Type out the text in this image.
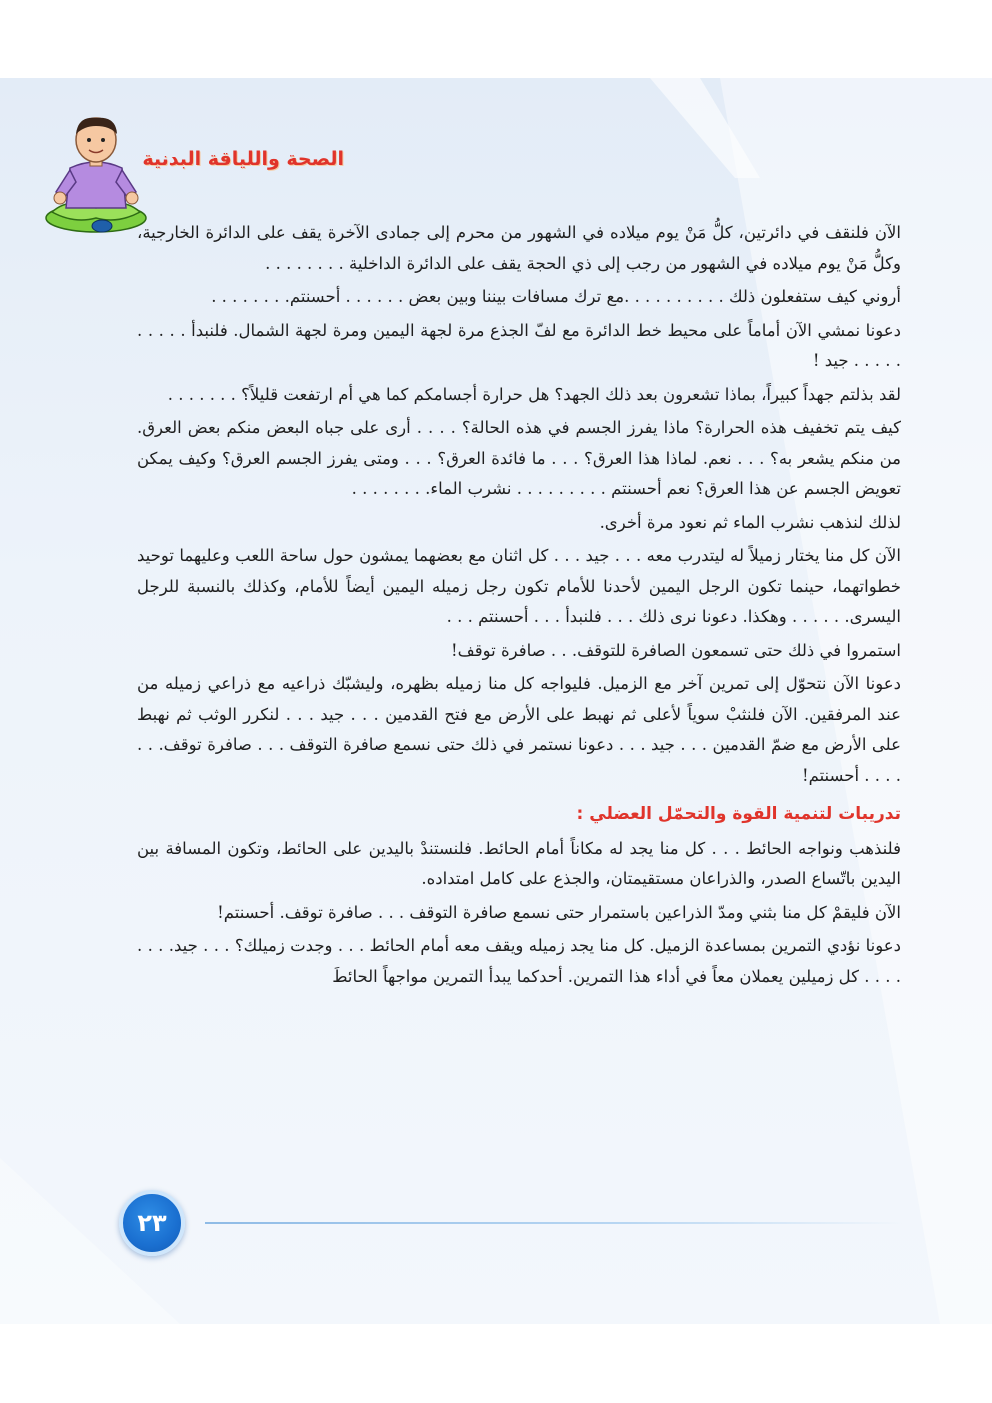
الصحة واللياقة البدنية

الآن فلنقف في دائرتين، كلُّ مَنْ يوم ميلاده في الشهور من محرم إلى جمادى الآخرة يقف على الدائرة الخارجية، وكلُّ مَنْ يوم ميلاده في الشهور من رجب إلى ذي الحجة يقف على الدائرة الداخلية . . . . . . . .

أروني كيف ستفعلون ذلك . . . . . . . . . .مع ترك مسافات بيننا وبين بعض . . . . . . أحسنتم. . . . . . . .

دعونا نمشي الآن أماماً على محيط خط الدائرة مع لفّ الجذع مرة لجهة اليمين ومرة لجهة الشمال. فلنبدأ . . . . . . . . . . جيد !

لقد بذلتم جهداً كبيراً، بماذا تشعرون بعد ذلك الجهد؟ هل حرارة أجسامكم كما هي أم ارتفعت قليلاً؟ . . . . . . .

كيف يتم تخفيف هذه الحرارة؟ ماذا يفرز الجسم في هذه الحالة؟ . . . . أرى على جباه البعض منكم بعض العرق. من منكم يشعر به؟ . . . نعم. لماذا هذا العرق؟ . . . ما فائدة العرق؟ . . . ومتى يفرز الجسم العرق؟ وكيف يمكن تعويض الجسم عن هذا العرق؟ نعم أحسنتم . . . . . . . . . نشرب الماء. . . . . . . .

لذلك لنذهب نشرب الماء ثم نعود مرة أخرى.

الآن كل منا يختار زميلاً له ليتدرب معه . . . جيد . . . كل اثنان مع بعضهما يمشون حول ساحة اللعب وعليهما توحيد خطواتهما، حينما تكون الرجل اليمين لأحدنا للأمام تكون رجل زميله اليمين أيضاً للأمام، وكذلك بالنسبة للرجل اليسرى. . . . . . وهكذا. دعونا نرى ذلك . . . فلنبدأ . . . أحسنتم . . .

استمروا في ذلك حتى تسمعون الصافرة للتوقف. . . صافرة توقف!

دعونا الآن نتحوّل إلى تمرين آخر مع الزميل. فليواجه كل منا زميله بظهره، وليشبّك ذراعيه مع ذراعي زميله من عند المرفقين. الآن فلنثبْ سوياً لأعلى ثم نهبط على الأرض مع فتح القدمين . . . جيد . . . لنكرر الوثب ثم نهبط على الأرض مع ضمّ القدمين . . . جيد . . . دعونا نستمر في ذلك حتى نسمع صافرة التوقف . . . صافرة توقف. . . . . . . أحسنتم!

تدريبات لتنمية القوة والتحمّل العضلي :

فلنذهب ونواجه الحائط . . . كل منا يجد له مكاناً أمام الحائط. فلنستندْ باليدين على الحائط، وتكون المسافة بين اليدين باتّساع الصدر، والذراعان مستقيمتان، والجذع على كامل امتداده.

الآن فليقمْ كل منا بثني ومدّ الذراعين باستمرار حتى نسمع صافرة التوقف . . . صافرة توقف. أحسنتم!

دعونا نؤدي التمرين بمساعدة الزميل. كل منا يجد زميله ويقف معه أمام الحائط . . . وجدت زميلك؟ . . . جيد. . . . . . . . كل زميلين يعملان معاً في أداء هذا التمرين. أحدكما يبدأ التمرين مواجهاً الحائطَ

٢٣
